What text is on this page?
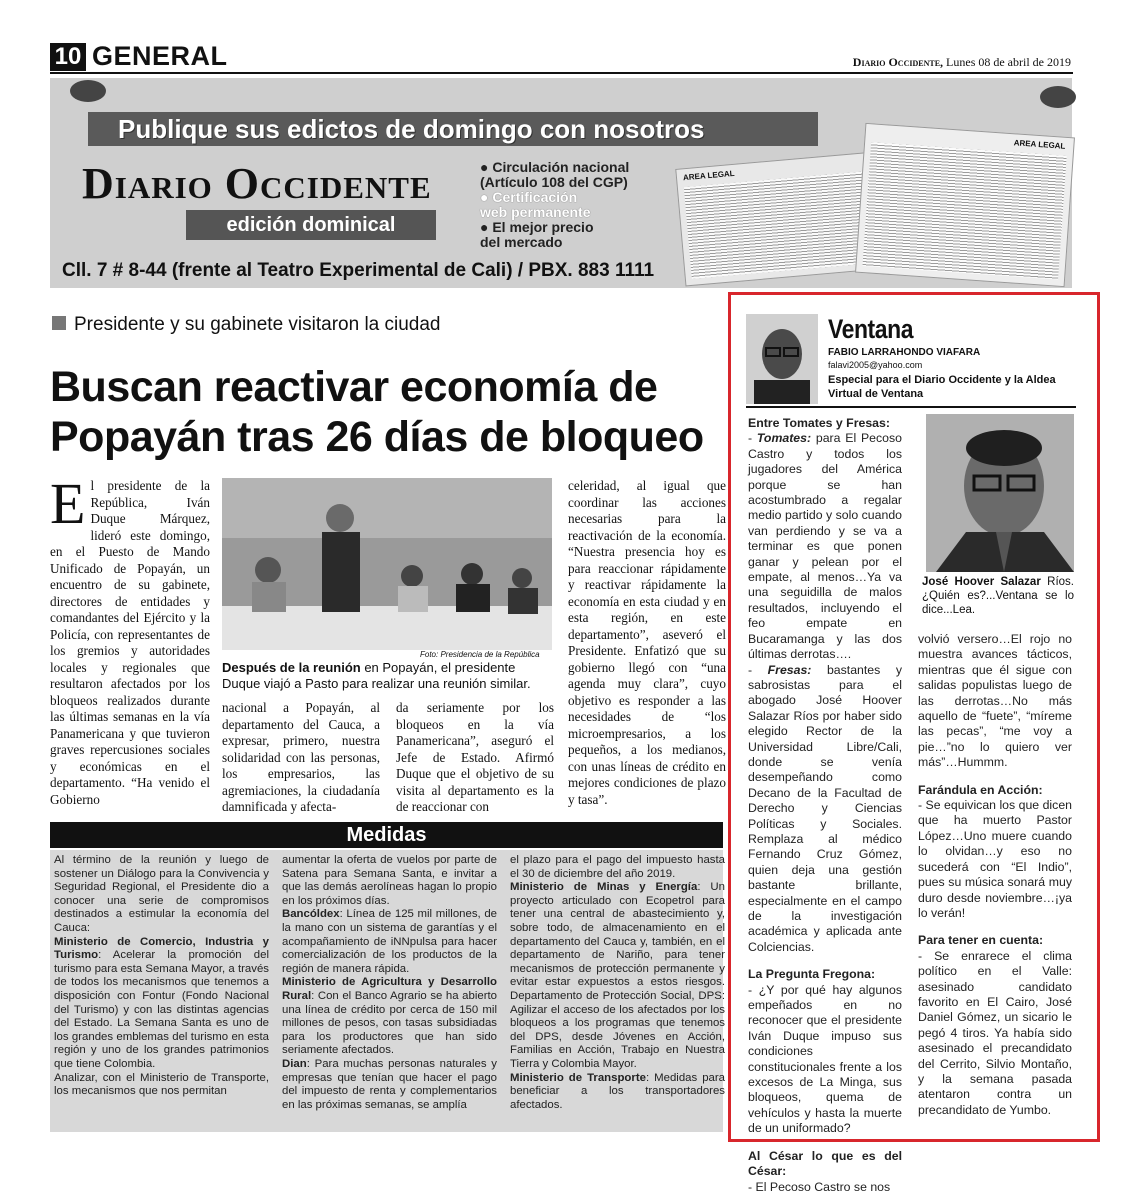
10 GENERAL	Diario Occidente, Lunes 08 de abril de 2019
Publique sus edictos de domingo con nosotros
Diario Occidente
edición dominical
● Circulación nacional
(Artículo 108 del CGP)
● Certificación
web permanente
● El mejor precio
del mercado
AREA LEGAL
AREA LEGAL
Cll. 7 # 8-44 (frente al Teatro Experimental de Cali) / PBX. 883 1111
Presidente y su gabinete visitaron la ciudad
Buscan reactivar economía de Popayán tras 26 días de bloqueo
E l presidente de la República, Iván Duque Márquez, lideró este domingo, en el Puesto de Mando Unificado de Popayán, un encuentro de su gabinete, directores de entidades y comandantes del Ejército y la Policía, con representantes de los gremios y autoridades locales y regionales que resultaron afectados por los bloqueos realizados durante las últimas semanas en la vía Panamericana y que tuvieron graves repercusiones sociales y económicas en el departamento. “Ha venido el Gobierno
Foto: Presidencia de la República
Después de la reunión en Popayán, el presidente Duque viajó a Pasto para realizar una reunión similar.
nacional a Popayán, al departamento del Cauca, a expresar, primero, nuestra solidaridad con las personas, los empresarios, las agremiaciones, la ciudadanía damnificada y afecta-
da seriamente por los bloqueos en la vía Panamericana”, aseguró el Jefe de Estado. Afirmó Duque que el objetivo de su visita al departamento es la de reaccionar con
celeridad, al igual que coordinar las acciones necesarias para la reactivación de la economía. “Nuestra presencia hoy es para reaccionar rápidamente y reactivar rápidamente la economía en esta ciudad y en esta región, en este departamento”, aseveró el Presidente. Enfatizó que su gobierno llegó con “una agenda muy clara”, cuyo objetivo es responder a las necesidades de “los microempresarios, a los pequeños, a los medianos, con unas líneas de crédito en mejores condiciones de plazo y tasa”.
Medidas
Al término de la reunión y luego de sostener un Diálogo para la Convivencia y Seguridad Regional, el Presidente dio a conocer una serie de compromisos destinados a estimular la economía del Cauca:
Ministerio de Comercio, Industria y Turismo: Acelerar la promoción del turismo para esta Semana Mayor, a través de todos los mecanismos que tenemos a disposición con Fontur (Fondo Nacional del Turismo) y con las distintas agencias del Estado. La Semana Santa es uno de los grandes emblemas del turismo en esta región y uno de los grandes patrimonios que tiene Colombia.
Analizar, con el Ministerio de Transporte, los mecanismos que nos permitan
aumentar la oferta de vuelos por parte de Satena para Semana Santa, e invitar a que las demás aerolíneas hagan lo propio en los próximos días.
Bancóldex: Línea de 125 mil millones, de la mano con un sistema de garantías y el acompañamiento de iNNpulsa para hacer comercialización de los productos de la región de manera rápida.
Ministerio de Agricultura y Desarrollo Rural: Con el Banco Agrario se ha abierto una línea de crédito por cerca de 150 mil millones de pesos, con tasas subsidiadas para los productores que han sido seriamente afectados.
Dian: Para muchas personas naturales y empresas que tenían que hacer el pago del impuesto de renta y complementarios en las próximas semanas, se amplía
el plazo para el pago del impuesto hasta el 30 de diciembre del año 2019.
Ministerio de Minas y Energía: Un proyecto articulado con Ecopetrol para tener una central de abastecimiento y, sobre todo, de almacenamiento en el departamento del Cauca y, también, en el departamento de Nariño, para tener mecanismos de protección permanente y evitar estar expuestos a estos riesgos. Departamento de Protección Social, DPS: Agilizar el acceso de los afectados por los bloqueos a los programas que tenemos del DPS, desde Jóvenes en Acción, Familias en Acción, Trabajo en Nuestra Tierra y Colombia Mayor.
Ministerio de Transporte: Medidas para beneficiar a los transportadores afectados.
Ventana
FABIO LARRAHONDO VIAFARA
falavi2005@yahoo.com
Especial para el Diario Occidente y la Aldea Virtual de Ventana
Entre Tomates y Fresas:
- Tomates: para El Pecoso Castro y todos los jugadores del América porque se han acostumbrado a regalar medio partido y solo cuando van perdiendo y se va a terminar es que ponen ganar y pelean por el empate, al menos…Ya va una seguidilla de malos resultados, incluyendo el feo empate en Bucaramanga y las dos últimas derrotas….
- Fresas: bastantes y sabrosistas para el abogado José Hoover Salazar Ríos por haber sido elegido Rector de la Universidad Libre/Cali, donde se venía desempeñando como Decano de la Facultad de Derecho y Ciencias Políticas y Sociales. Remplaza al médico Fernando Cruz Gómez, quien deja una gestión bastante brillante, especialmente en el campo de la investigación académica y aplicada ante Colciencias.
La Pregunta Fregona:
- ¿Y por qué hay algunos empeñados en no reconocer que el presidente Iván Duque impuso sus condiciones constitucionales frente a los excesos de La Minga, sus bloqueos, quema de vehículos y hasta la muerte de un uniformado?
Al César lo que es del César:
- El Pecoso Castro se nos
José Hoover Salazar Ríos. ¿Quién es?...Ventana se lo dice...Lea.
volvió versero…El rojo no muestra avances tácticos, mientras que él sigue con salidas populistas luego de las derrotas…No más aquello de “fuete”, “míreme las pecas”, “me voy a pie…”no lo quiero ver más”…Hummm.
Farándula en Acción:
- Se equivican los que dicen que ha muerto Pastor López…Uno muere cuando lo olvidan…y eso no sucederá con “El Indio”, pues su música sonará muy duro desde noviembre…¡ya lo verán!
Para tener en cuenta:
- Se enrarece el clima político en el Valle: asesinado candidato favorito en El Cairo, José Daniel Gómez, un sicario le pegó 4 tiros. Ya había sido asesinado el precandidato del Cerrito, Silvio Montaño, y la semana pasada atentaron contra un precandidato de Yumbo.
